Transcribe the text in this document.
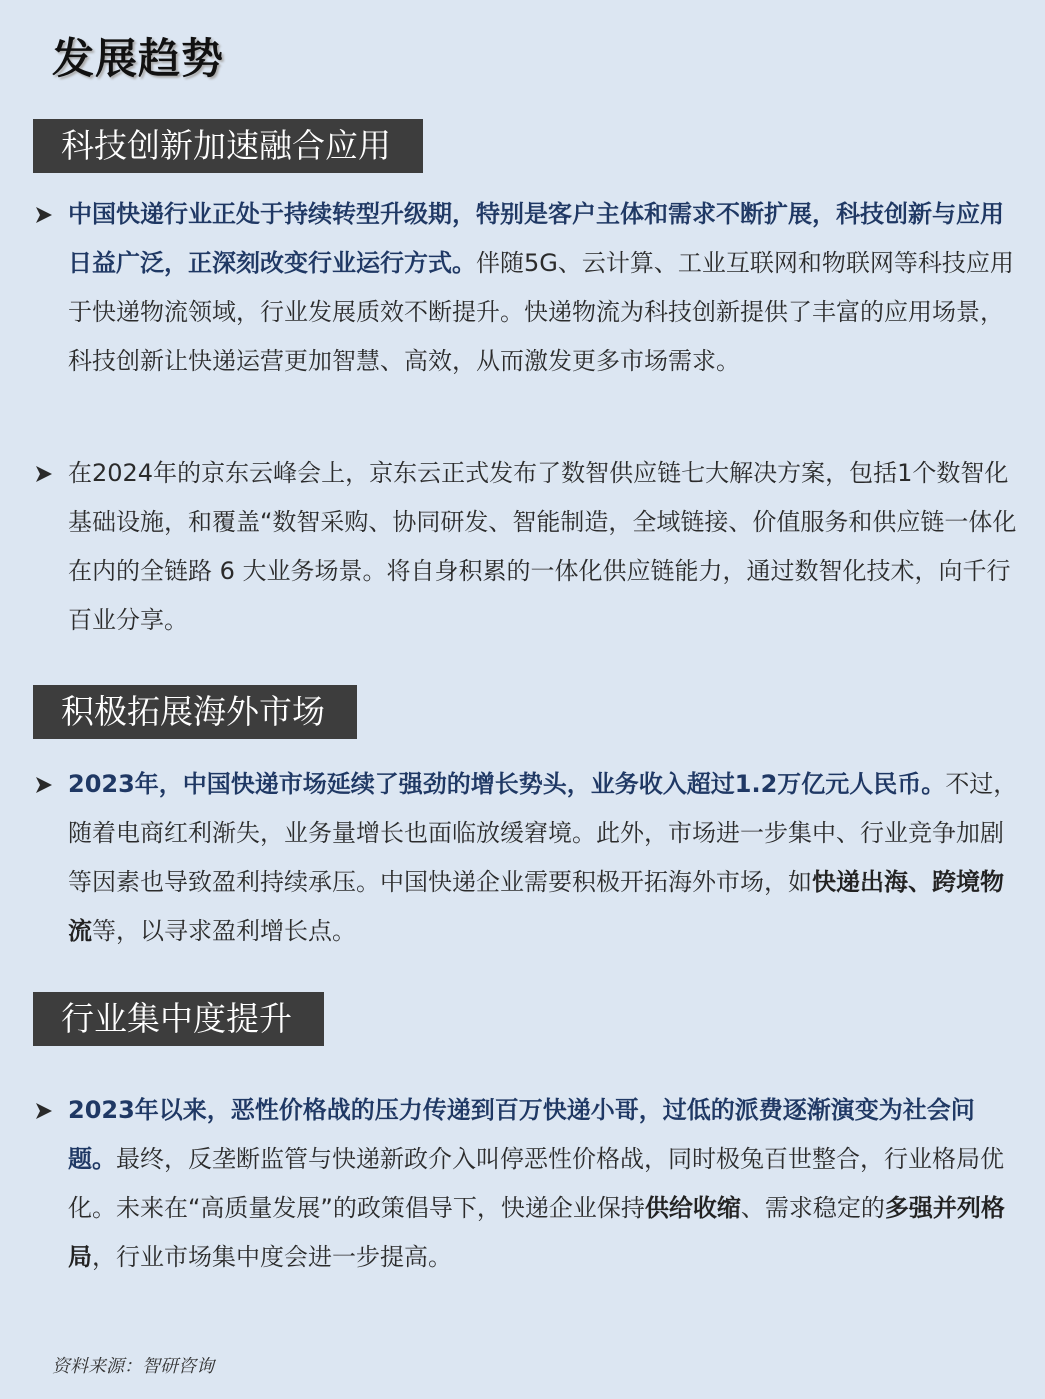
发展趋势
科技创新加速融合应用
中国快递行业正处于持续转型升级期，特别是客户主体和需求不断扩展，科技创新与应用日益广泛，正深刻改变行业运行方式。伴随5G、云计算、工业互联网和物联网等科技应用于快递物流领域，行业发展质效不断提升。快递物流为科技创新提供了丰富的应用场景，科技创新让快递运营更加智慧、高效，从而激发更多市场需求。
在2024年的京东云峰会上，京东云正式发布了数智供应链七大解决方案，包括1个数智化基础设施，和覆盖“数智采购、协同研发、智能制造，全域链接、价值服务和供应链一体化在内的全链路 6 大业务场景。将自身积累的一体化供应链能力，通过数智化技术，向千行百业分享。
积极拓展海外市场
2023年，中国快递市场延续了强劲的增长势头，业务收入超过1.2万亿元人民币。不过，随着电商红利渐失，业务量增长也面临放缓窘境。此外，市场进一步集中、行业竞争加剧等因素也导致盈利持续承压。中国快递企业需要积极开拓海外市场，如快递出海、跨境物流等，以寻求盈利增长点。
行业集中度提升
2023年以来，恶性价格战的压力传递到百万快递小哥，过低的派费逐渐演变为社会问题。最终，反垄断监管与快递新政介入叫停恶性价格战，同时极兔百世整合，行业格局优化。未来在“高质量发展”的政策倡导下，快递企业保持供给收缩、需求稳定的多强并列格局，行业市场集中度会进一步提高。
资料来源：智研咨询
